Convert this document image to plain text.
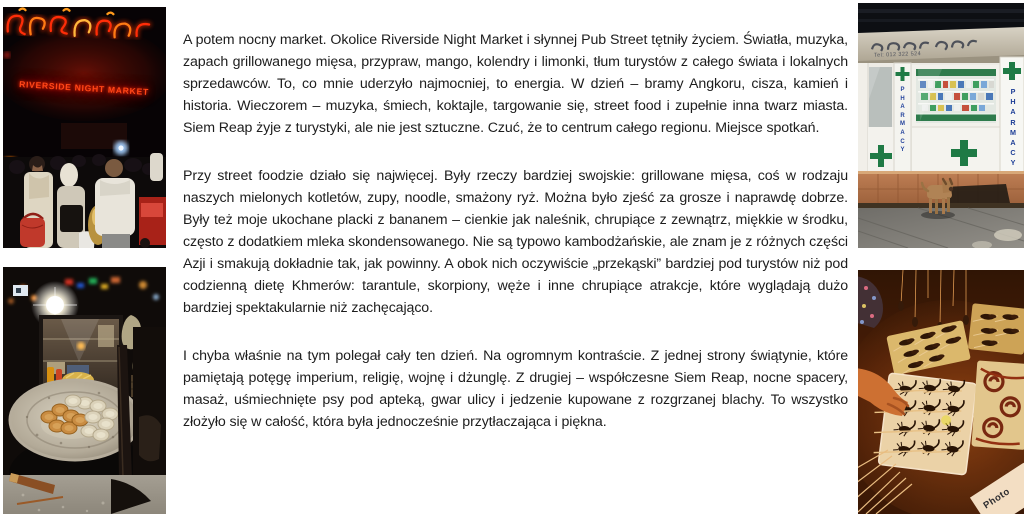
RIVERSIDE NIGHT MARKET

A potem nocny market. Okolice Riverside Night Market i słynnej Pub Street tętniły życiem. Światła, muzyka, zapach grillowanego mięsa, przypraw, mango, kolendry i limonki, tłum turystów z całego świata i lokalnych sprzedawców. To, co mnie uderzyło najmocniej, to energia. W dzień – bramy Angkoru, cisza, kamień i historia. Wieczorem – muzyka, śmiech, koktajle, targowanie się, street food i zupełnie inna twarz miasta. Siem Reap żyje z turystyki, ale nie jest sztuczne. Czuć, że to centrum całego regionu. Miejsce spotkań.

Przy street foodzie działo się najwięcej. Były rzeczy bardziej swojskie: grillowane mięsa, coś w rodzaju naszych mielonych kotletów, zupy, noodle, smażony ryż. Można było zjeść za grosze i naprawdę dobrze. Były też moje ukochane placki z bananem – cienkie jak naleśnik, chrupiące z zewnątrz, miękkie w środku, często z dodatkiem mleka skondensowanego. Nie są typowo kambodżańskie, ale znam je z różnych części Azji i smakują dokładnie tak, jak powinny. A obok nich oczywiście „przekąski” bardziej pod turystów niż pod codzienną dietę Khmerów: tarantule, skorpiony, węże i inne chrupiące atrakcje, które wyglądają dużo bardziej spektakularnie niż zachęcająco.

I chyba właśnie na tym polegał cały ten dzień. Na ogromnym kontraście. Z jednej strony świątynie, które pamiętają potęgę imperium, religię, wojnę i dżunglę. Z drugiej – współczesne Siem Reap, nocne spacery, masaż, uśmiechnięte psy pod apteką, gwar ulicy i jedzenie kupowane z rozgrzanej blachy. To wszystko złożyło się w całość, która była jednocześnie przytłaczająca i piękna.

Tel: 012 322 524
PHARMACY
PHARMACY
Photo
